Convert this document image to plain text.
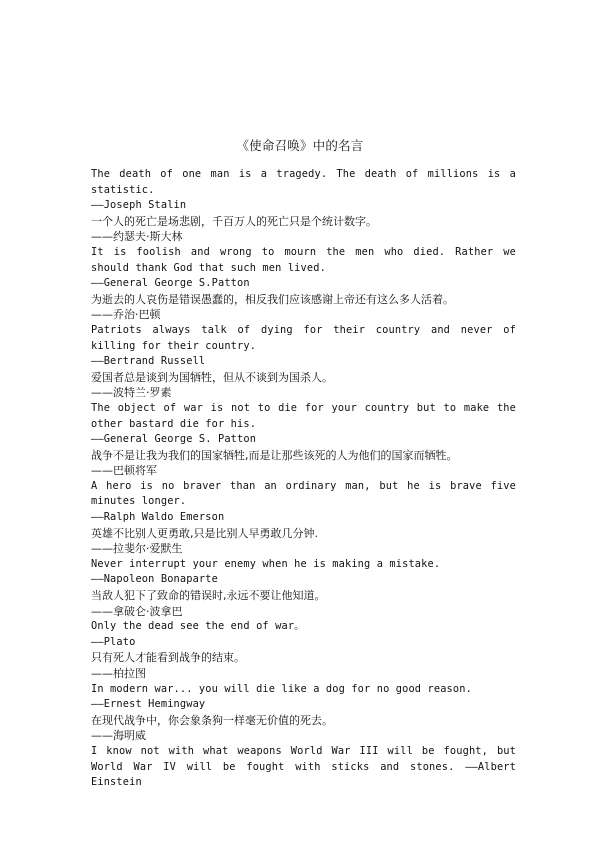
《使命召唤》中的名言
The death of one man is a tragedy. The death of millions is a statistic.
——Joseph Stalin
一个人的死亡是场悲剧，千百万人的死亡只是个统计数字。
——约瑟夫·斯大林
It is foolish and wrong to mourn the men who died. Rather we should thank God that such men lived.
——General George S.Patton
为逝去的人哀伤是错误愚蠢的，相反我们应该感谢上帝还有这么多人活着。
——乔治·巴顿
Patriots always talk of dying for their country and never of killing for their country.
——Bertrand Russell
爱国者总是谈到为国牺牲，但从不谈到为国杀人。
——波特兰·罗素
The object of war is not to die for your country but to make the other bastard die for his.
——General George S. Patton
战争不是让我为我们的国家牺牲,而是让那些该死的人为他们的国家而牺牲。
——巴顿将军
A hero is no braver than an ordinary man, but he is brave five minutes longer.
——Ralph Waldo Emerson
英雄不比别人更勇敢,只是比别人早勇敢几分钟.
——拉斐尔·爱默生
Never interrupt your enemy when he is making a mistake.
——Napoleon Bonaparte
当敌人犯下了致命的错误时,永远不要让他知道。
——拿破仑·波拿巴
Only the dead see the end of war。
——Plato
只有死人才能看到战争的结束。
——柏拉图
In modern war... you will die like a dog for no good reason.
——Ernest Hemingway
在现代战争中，你会象条狗一样毫无价值的死去。
——海明威
I know not with what weapons World War III will be fought, but World War IV will be fought with sticks and stones. ——Albert Einstein
